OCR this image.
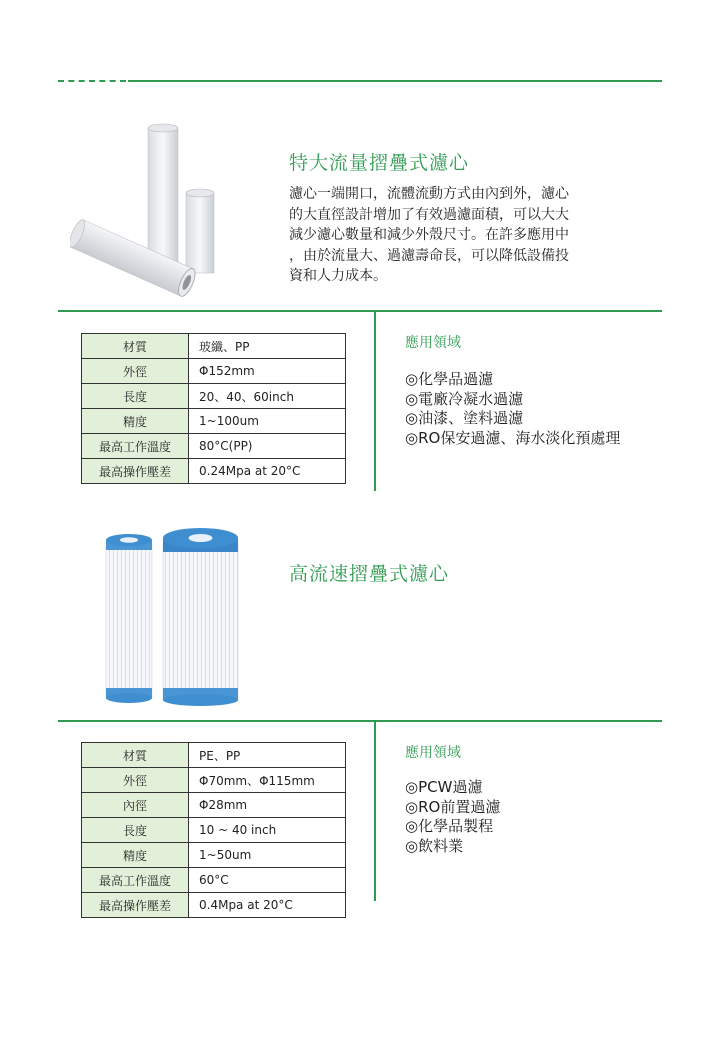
特大流量摺疊式濾心
濾心一端開口，流體流動方式由內到外，濾心
的大直徑設計增加了有效過濾面積，可以大大
減少濾心數量和減少外殼尺寸。在許多應用中
，由於流量大、過濾壽命長，可以降低設備投
資和人力成本。
材質	玻纖、PP
外徑	Φ152mm
長度	20、40、60inch
精度	1~100um
最高工作溫度	80°C(PP)
最高操作壓差	0.24Mpa at 20°C
應用領域
◎化學品過濾
◎電廠冷凝水過濾
◎油漆、塗料過濾
◎RO保安過濾、海水淡化預處理
高流速摺疊式濾心
材質	PE、PP
外徑	Φ70mm、Φ115mm
內徑	Φ28mm
長度	10 ~ 40 inch
精度	1~50um
最高工作溫度	60°C
最高操作壓差	0.4Mpa at 20°C
應用領域
◎PCW過濾
◎RO前置過濾
◎化學品製程
◎飲料業
